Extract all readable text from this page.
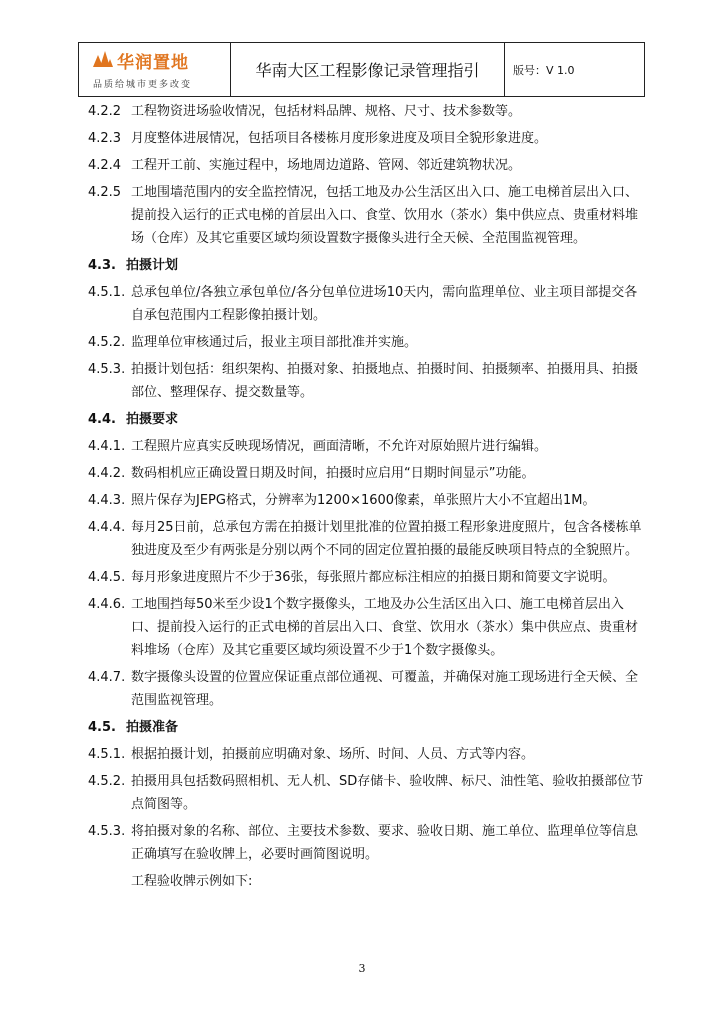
华润置地
品质给城市更多改变
华南大区工程影像记录管理指引	版号：V 1.0
4.2.2 工程物资进场验收情况，包括材料品牌、规格、尺寸、技术参数等。
4.2.3 月度整体进展情况，包括项目各楼栋月度形象进度及项目全貌形象进度。
4.2.4 工程开工前、实施过程中，场地周边道路、管网、邻近建筑物状况。
4.2.5 工地围墙范围内的安全监控情况，包括工地及办公生活区出入口、施工电梯首层出入口、提前投入运行的正式电梯的首层出入口、食堂、饮用水（茶水）集中供应点、贵重材料堆场（仓库）及其它重要区域均须设置数字摄像头进行全天候、全范围监视管理。
4.3. 拍摄计划
4.5.1. 总承包单位/各独立承包单位/各分包单位进场10天内，需向监理单位、业主项目部提交各自承包范围内工程影像拍摄计划。
4.5.2. 监理单位审核通过后，报业主项目部批准并实施。
4.5.3. 拍摄计划包括：组织架构、拍摄对象、拍摄地点、拍摄时间、拍摄频率、拍摄用具、拍摄部位、整理保存、提交数量等。
4.4. 拍摄要求
4.4.1. 工程照片应真实反映现场情况，画面清晰，不允许对原始照片进行编辑。
4.4.2. 数码相机应正确设置日期及时间，拍摄时应启用“日期时间显示”功能。
4.4.3. 照片保存为JEPG格式，分辨率为1200×1600像素，单张照片大小不宜超出1M。
4.4.4. 每月25日前，总承包方需在拍摄计划里批准的位置拍摄工程形象进度照片，包含各楼栋单独进度及至少有两张是分别以两个不同的固定位置拍摄的最能反映项目特点的全貌照片。
4.4.5. 每月形象进度照片不少于36张，每张照片都应标注相应的拍摄日期和简要文字说明。
4.4.6. 工地围挡每50米至少设1个数字摄像头，工地及办公生活区出入口、施工电梯首层出入口、提前投入运行的正式电梯的首层出入口、食堂、饮用水（茶水）集中供应点、贵重材料堆场（仓库）及其它重要区域均须设置不少于1个数字摄像头。
4.4.7. 数字摄像头设置的位置应保证重点部位通视、可覆盖，并确保对施工现场进行全天候、全范围监视管理。
4.5. 拍摄准备
4.5.1. 根据拍摄计划，拍摄前应明确对象、场所、时间、人员、方式等内容。
4.5.2. 拍摄用具包括数码照相机、无人机、SD存储卡、验收牌、标尺、油性笔、验收拍摄部位节点简图等。
4.5.3. 将拍摄对象的名称、部位、主要技术参数、要求、验收日期、施工单位、监理单位等信息正确填写在验收牌上，必要时画简图说明。
工程验收牌示例如下:
3
